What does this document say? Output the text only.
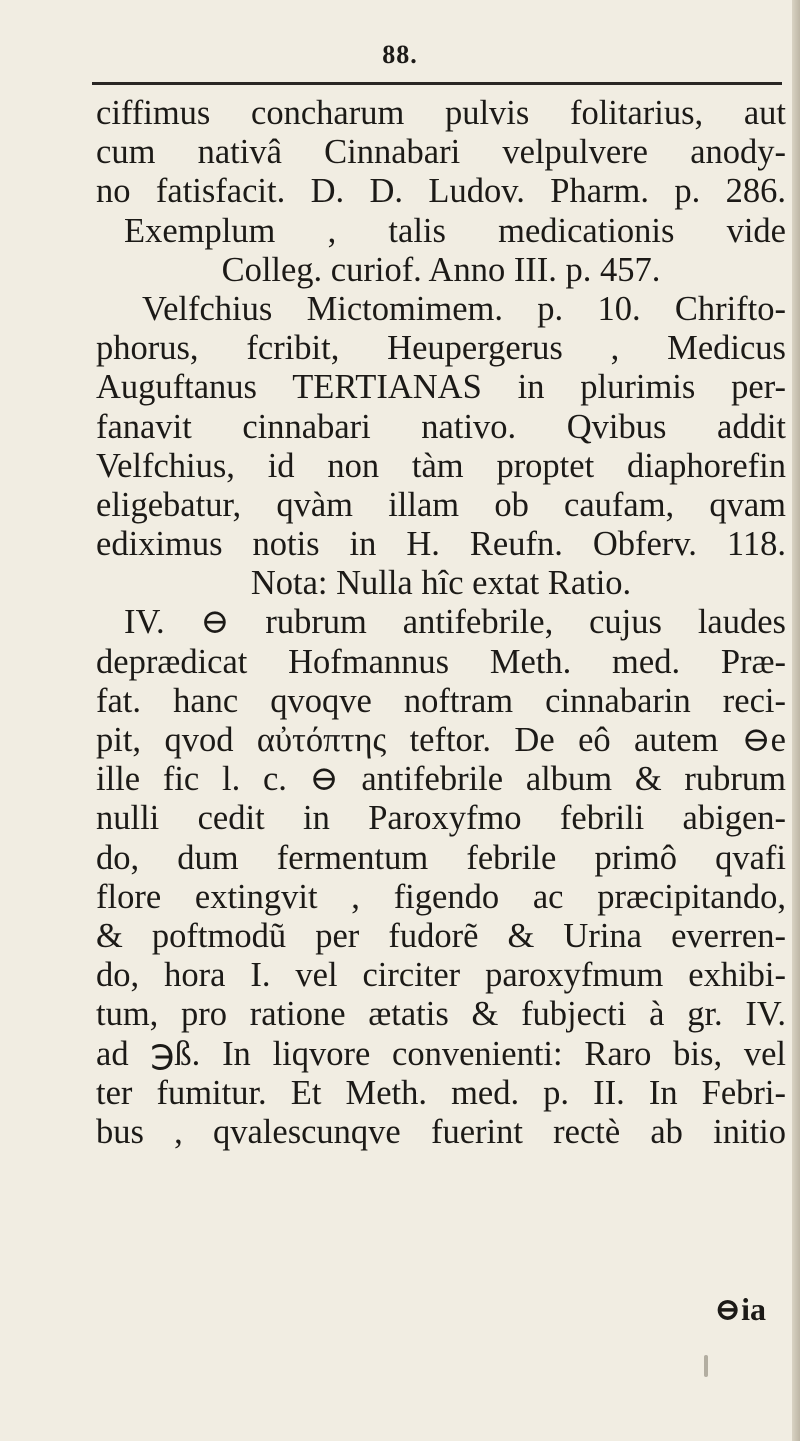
88.
ciffimus concharum pulvis folitarius, aut
cum nativâ Cinnabari velpulvere anody-
no fatisfacit. D. D. Ludov. Pharm. p. 286.
Exemplum , talis medicationis vide
Colleg. curiof. Anno III. p. 457.
Velfchius Mictomimem. p. 10. Chrifto-
phorus, fcribit, Heupergerus , Medicus
Auguftanus TERTIANAS in plurimis per-
fanavit cinnabari nativo. Qvibus addit
Velfchius, id non tàm proptet diaphorefin
eligebatur, qvàm illam ob caufam, qvam
ediximus notis in H. Reufn. Obferv. 118.
Nota: Nulla hîc extat Ratio.
IV. ⊖ rubrum antifebrile, cujus laudes
deprædicat Hofmannus Meth. med. Præ-
fat. hanc qvoqve noftram cinnabarin reci-
pit, qvod αὐτόπτης teftor. De eô autem ⊖e
ille fic l. c. ⊖ antifebrile album & rubrum
nulli cedit in Paroxyfmo febrili abigen-
do, dum fermentum febrile primô qvafi
flore extingvit , figendo ac præcipitando,
& poftmodũ per fudorẽ & Urina everren-
do, hora I. vel circiter paroxyfmum exhibi-
tum, pro ratione ætatis & fubjecti à gr. IV.
ad ℈ß. In liqvore convenienti: Raro bis, vel
ter fumitur. Et Meth. med. p. II. In Febri-
bus , qvalescunqve fuerint rectè ab initio
⊖ia
